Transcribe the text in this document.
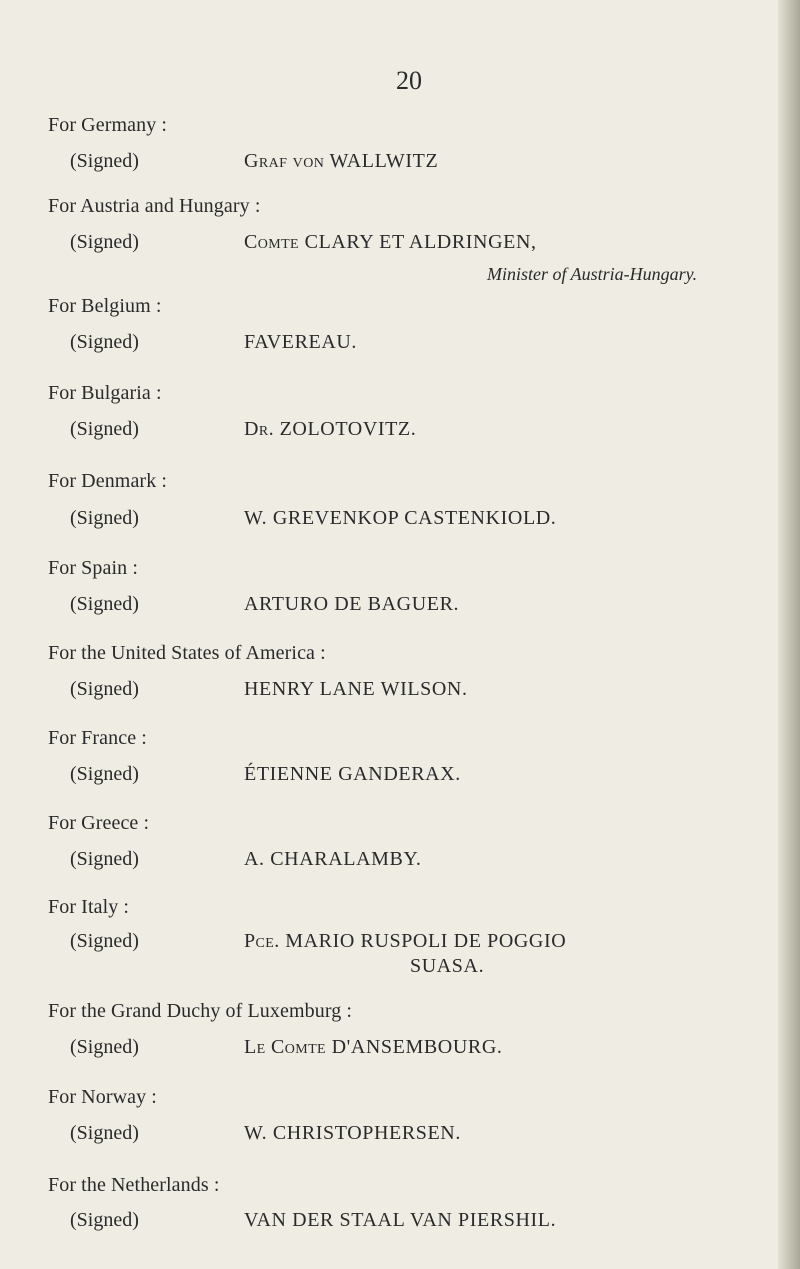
20
For Germany :
(Signed)	Graf von WALLWITZ
For Austria and Hungary :
(Signed)	Comte CLARY ET ALDRINGEN,
Minister of Austria-Hungary.
For Belgium :
(Signed)	FAVEREAU.
For Bulgaria :
(Signed)	Dr. ZOLOTOVITZ.
For Denmark :
(Signed)	W. GREVENKOP CASTENKIOLD.
For Spain :
(Signed)	ARTURO DE BAGUER.
For the United States of America :
(Signed)	HENRY LANE WILSON.
For France :
(Signed)	ÉTIENNE GANDERAX.
For Greece :
(Signed)	A. CHARALAMBY.
For Italy :
(Signed)	Pce. MARIO RUSPOLI DE POGGIO
SUASA.
For the Grand Duchy of Luxemburg :
(Signed)	Le Comte D'ANSEMBOURG.
For Norway :
(Signed)	W. CHRISTOPHERSEN.
For the Netherlands :
(Signed)	VAN DER STAAL VAN PIERSHIL.
